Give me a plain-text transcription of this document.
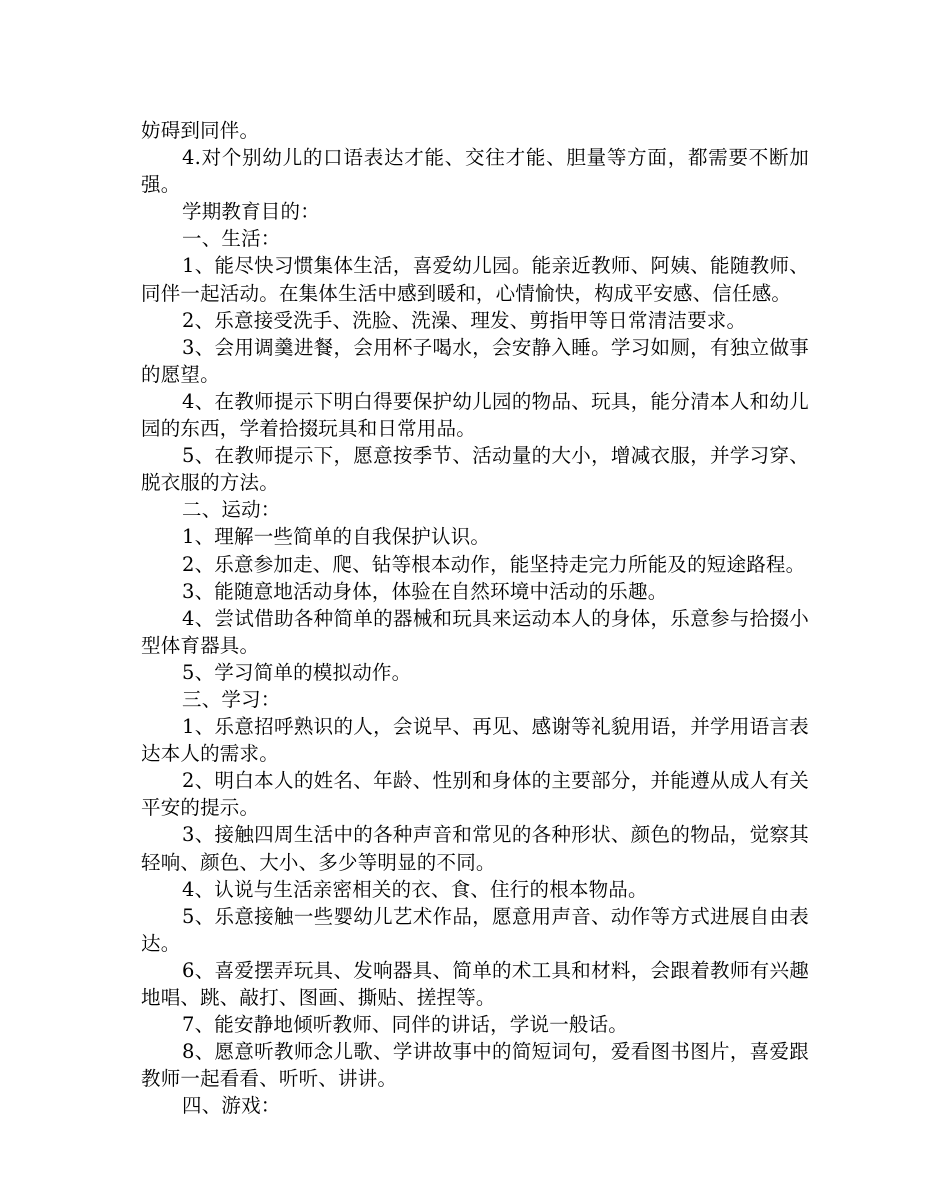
妨碍到同伴。

4.对个别幼儿的口语表达才能、交往才能、胆量等方面，都需要不断加强。

学期教育目的：

一、生活：

1、能尽快习惯集体生活，喜爱幼儿园。能亲近教师、阿姨、能随教师、同伴一起活动。在集体生活中感到暖和，心情愉快，构成平安感、信任感。

2、乐意接受洗手、洗脸、洗澡、理发、剪指甲等日常清洁要求。

3、会用调羹进餐，会用杯子喝水，会安静入睡。学习如厕，有独立做事的愿望。

4、在教师提示下明白得要保护幼儿园的物品、玩具，能分清本人和幼儿园的东西，学着拾掇玩具和日常用品。

5、在教师提示下，愿意按季节、活动量的大小，增减衣服，并学习穿、脱衣服的方法。

二、运动：

1、理解一些简单的自我保护认识。

2、乐意参加走、爬、钻等根本动作，能坚持走完力所能及的短途路程。

3、能随意地活动身体，体验在自然环境中活动的乐趣。

4、尝试借助各种简单的器械和玩具来运动本人的身体，乐意参与拾掇小型体育器具。

5、学习简单的模拟动作。

三、学习：

1、乐意招呼熟识的人，会说早、再见、感谢等礼貌用语，并学用语言表达本人的需求。

2、明白本人的姓名、年龄、性别和身体的主要部分，并能遵从成人有关平安的提示。

3、接触四周生活中的各种声音和常见的各种形状、颜色的物品，觉察其轻响、颜色、大小、多少等明显的不同。

4、认说与生活亲密相关的衣、食、住行的根本物品。

5、乐意接触一些婴幼儿艺术作品，愿意用声音、动作等方式进展自由表达。

6、喜爱摆弄玩具、发响器具、简单的术工具和材料，会跟着教师有兴趣地唱、跳、敲打、图画、撕贴、搓捏等。

7、能安静地倾听教师、同伴的讲话，学说一般话。

8、愿意听教师念儿歌、学讲故事中的简短词句，爱看图书图片，喜爱跟教师一起看看、听听、讲讲。

四、游戏：
